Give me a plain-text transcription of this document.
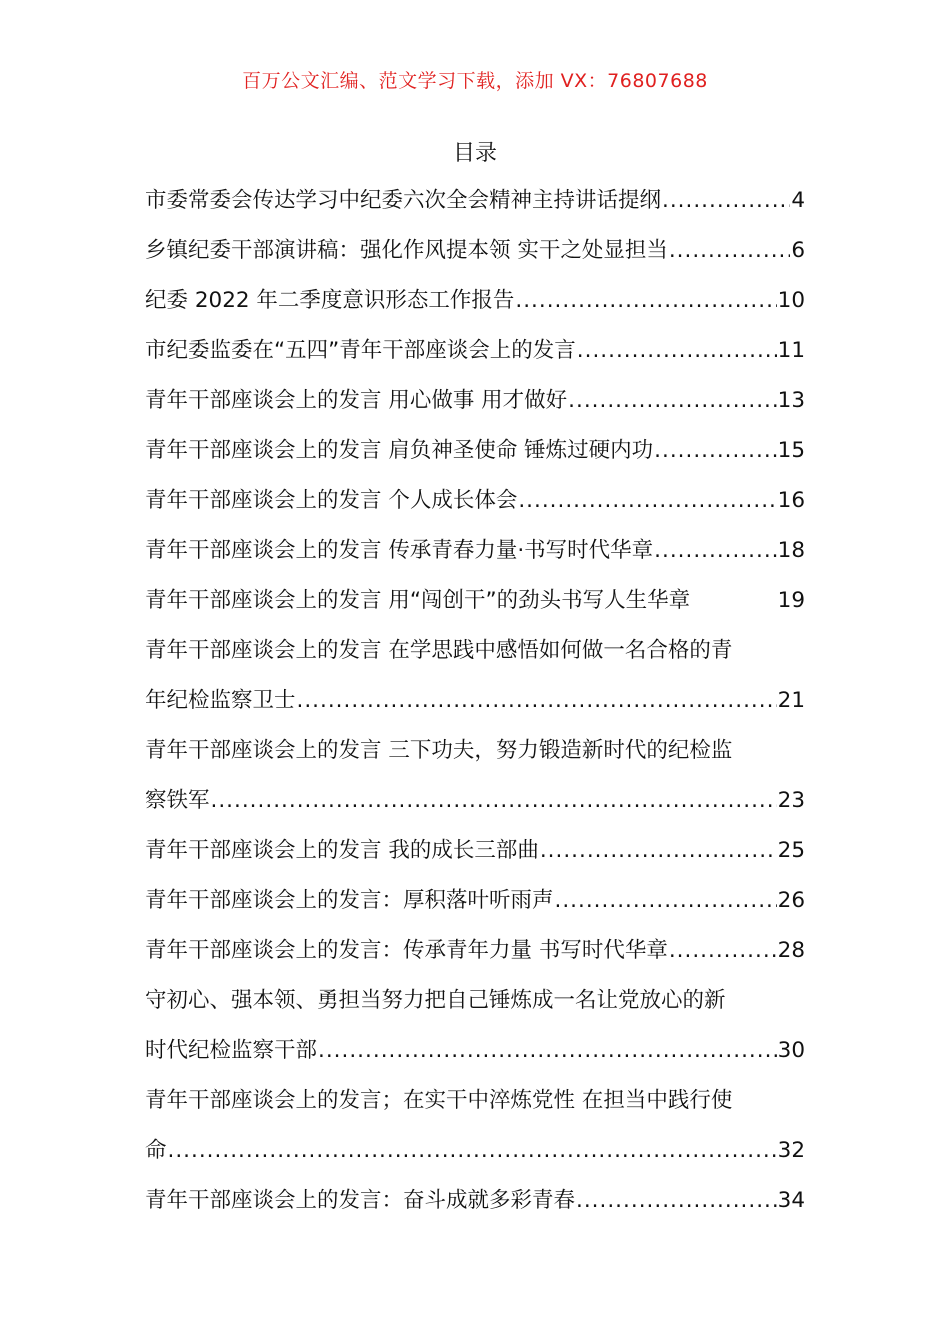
百万公文汇编、范文学习下载，添加 VX：76807688
目录
市委常委会传达学习中纪委六次全会精神主持讲话提纲 .....	4
乡镇纪委干部演讲稿：强化作风提本领 实干之处显担当 .....	6
纪委 2022 年二季度意识形态工作报告 .....	10
市纪委监委在“五四”青年干部座谈会上的发言 .....	11
青年干部座谈会上的发言 用心做事 用才做好 .....	13
青年干部座谈会上的发言 肩负神圣使命 锤炼过硬内功 .....	15
青年干部座谈会上的发言 个人成长体会 .....	16
青年干部座谈会上的发言 传承青春力量·书写时代华章 .....	18
青年干部座谈会上的发言 用“闯创干”的劲头书写人生华章	19
青年干部座谈会上的发言 在学思践中感悟如何做一名合格的青
年纪检监察卫士 .....	21
青年干部座谈会上的发言 三下功夫，努力锻造新时代的纪检监
察铁军 .....	23
青年干部座谈会上的发言 我的成长三部曲 .....	25
青年干部座谈会上的发言：厚积落叶听雨声 .....	26
青年干部座谈会上的发言：传承青年力量 书写时代华章 .....	28
守初心、强本领、勇担当努力把自己锤炼成一名让党放心的新
时代纪检监察干部 .....	30
青年干部座谈会上的发言；在实干中淬炼党性 在担当中践行使
命 .....	32
青年干部座谈会上的发言：奋斗成就多彩青春 .....	34
